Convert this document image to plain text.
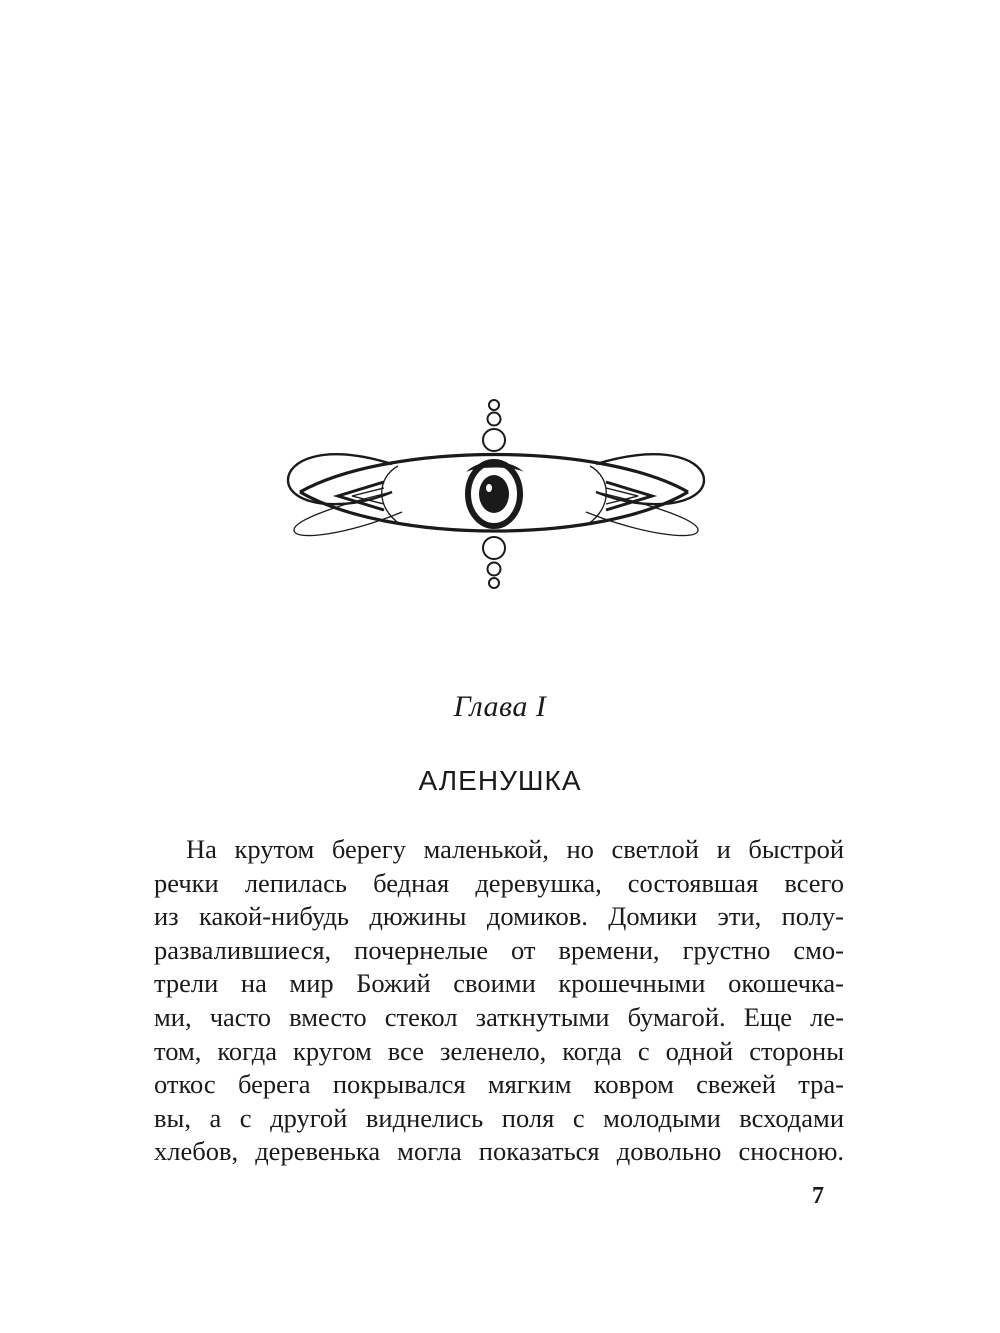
Глава I

АЛЕНУШКА
На крутом берегу маленькой, но светлой и быстрой
речки лепилась бедная деревушка, состоявшая всего
из какой-нибудь дюжины домиков. Домики эти, полу-
развалившиеся, почернелые от времени, грустно смо-
трели на мир Божий своими крошечными окошечка-
ми, часто вместо стекол заткнутыми бумагой. Еще ле-
том, когда кругом все зеленело, когда с одной стороны
откос берега покрывался мягким ковром свежей тра-
вы, а с другой виднелись поля с молодыми всходами
хлебов, деревенька могла показаться довольно сносною.

7
